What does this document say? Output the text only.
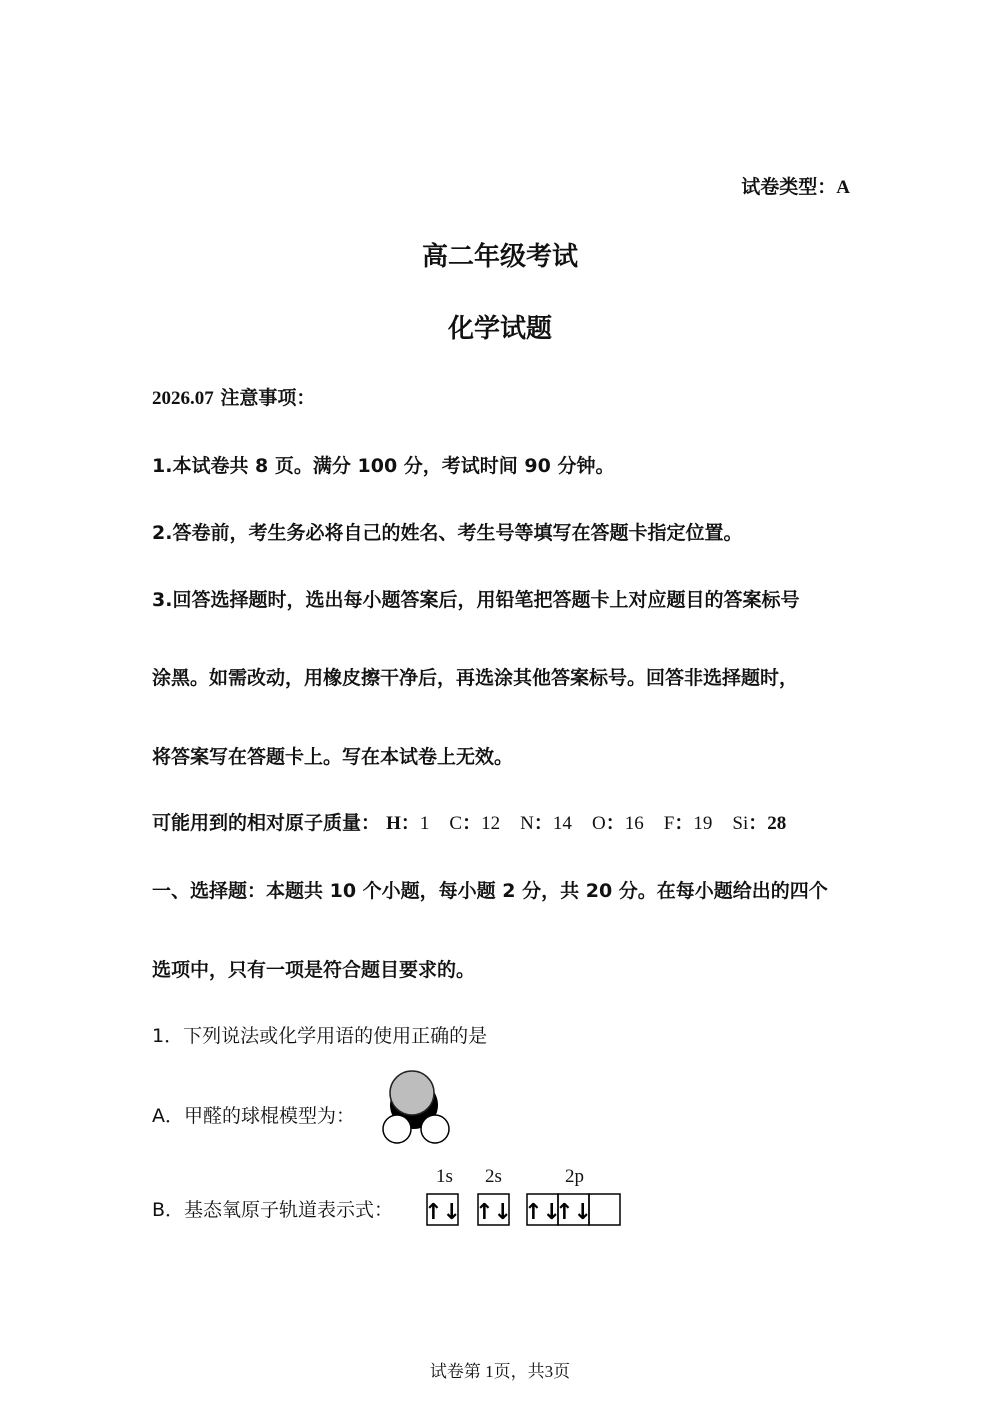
试卷类型：A
高二年级考试
化学试题
2026.07 注意事项：
1.本试卷共 8 页。满分 100 分，考试时间 90 分钟。
2.答卷前，考生务必将自己的姓名、考生号等填写在答题卡指定位置。
3.回答选择题时，选出每小题答案后，用铅笔把答题卡上对应题目的答案标号
涂黑。如需改动，用橡皮擦干净后，再选涂其他答案标号。回答非选择题时，
将答案写在答题卡上。写在本试卷上无效。
可能用到的相对原子质量： H：1 C：12 N：14 O：16 F：19 Si：28
一、选择题：本题共 10 个小题，每小题 2 分，共 20 分。在每小题给出的四个
选项中，只有一项是符合题目要求的。
1．下列说法或化学用语的使用正确的是
A．甲醛的球棍模型为：
B．基态氧原子轨道表示式：
1s 2s	2p
↑↓ ↑↓ ↑↓
↑↓
试卷第 1页，共3页
